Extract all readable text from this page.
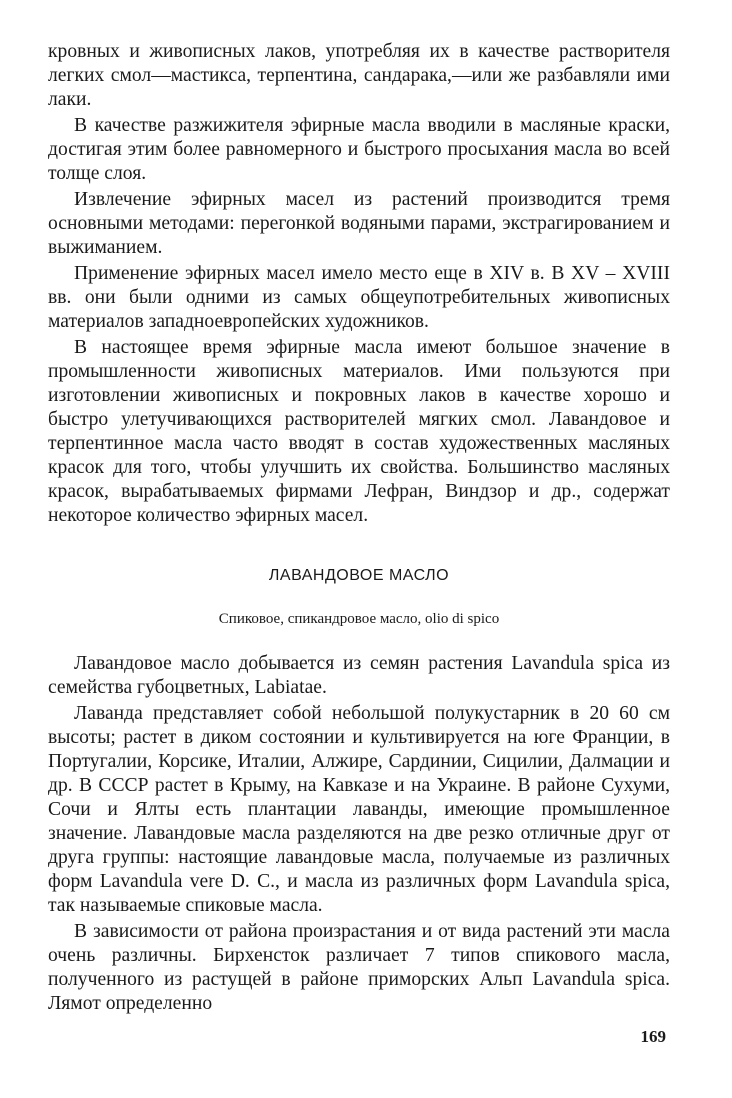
кровных и живописных лаков, употребляя их в качестве растворителя легких смол—мастикса, терпентина, сандарака,—или же разбавляли ими лаки.

В качестве разжижителя эфирные масла вводили в масляные краски, достигая этим более равномерного и быстрого просыхания масла во всей толще слоя.

Извлечение эфирных масел из растений производится тремя основными методами: перегонкой водяными парами, экстрагированием и выжиманием.

Применение эфирных масел имело место еще в XIV в. В XV – XVIII вв. они были одними из самых общеупотребительных живописных материалов западноевропейских художников.

В настоящее время эфирные масла имеют большое значение в промышленности живописных материалов. Ими пользуются при изготовлении живописных и покровных лаков в качестве хорошо и быстро улетучивающихся растворителей мягких смол. Лавандовое и терпентинное масла часто вводят в состав художественных масляных красок для того, чтобы улучшить их свойства. Большинство масляных красок, вырабатываемых фирмами Лефран, Виндзор и др., содержат некоторое количество эфирных масел.

ЛАВАНДОВОЕ МАСЛО
Спиковое, спикандровое масло, olio di spico

Лавандовое масло добывается из семян растения Lavandula spica из семейства губоцветных, Labiatae.

Лаванда представляет собой небольшой полукустарник в 20 60 см высоты; растет в диком состоянии и культивируется на юге Франции, в Португалии, Корсике, Италии, Алжире, Сардинии, Сицилии, Далмации и др. В СССР растет в Крыму, на Кавказе и на Украине. В районе Сухуми, Сочи и Ялты есть плантации лаванды, имеющие промышленное значение. Лавандовые масла разделяются на две резко отличные друг от друга группы: настоящие лавандовые масла, получаемые из различных форм Lavandula vere D. C., и масла из различных форм Lavandula spica, так называемые спиковые масла.

В зависимости от района произрастания и от вида растений эти масла очень различны. Бирхенсток различает 7 типов спикового масла, полученного из растущей в районе приморских Альп Lavandula spica. Лямот определенно

169
